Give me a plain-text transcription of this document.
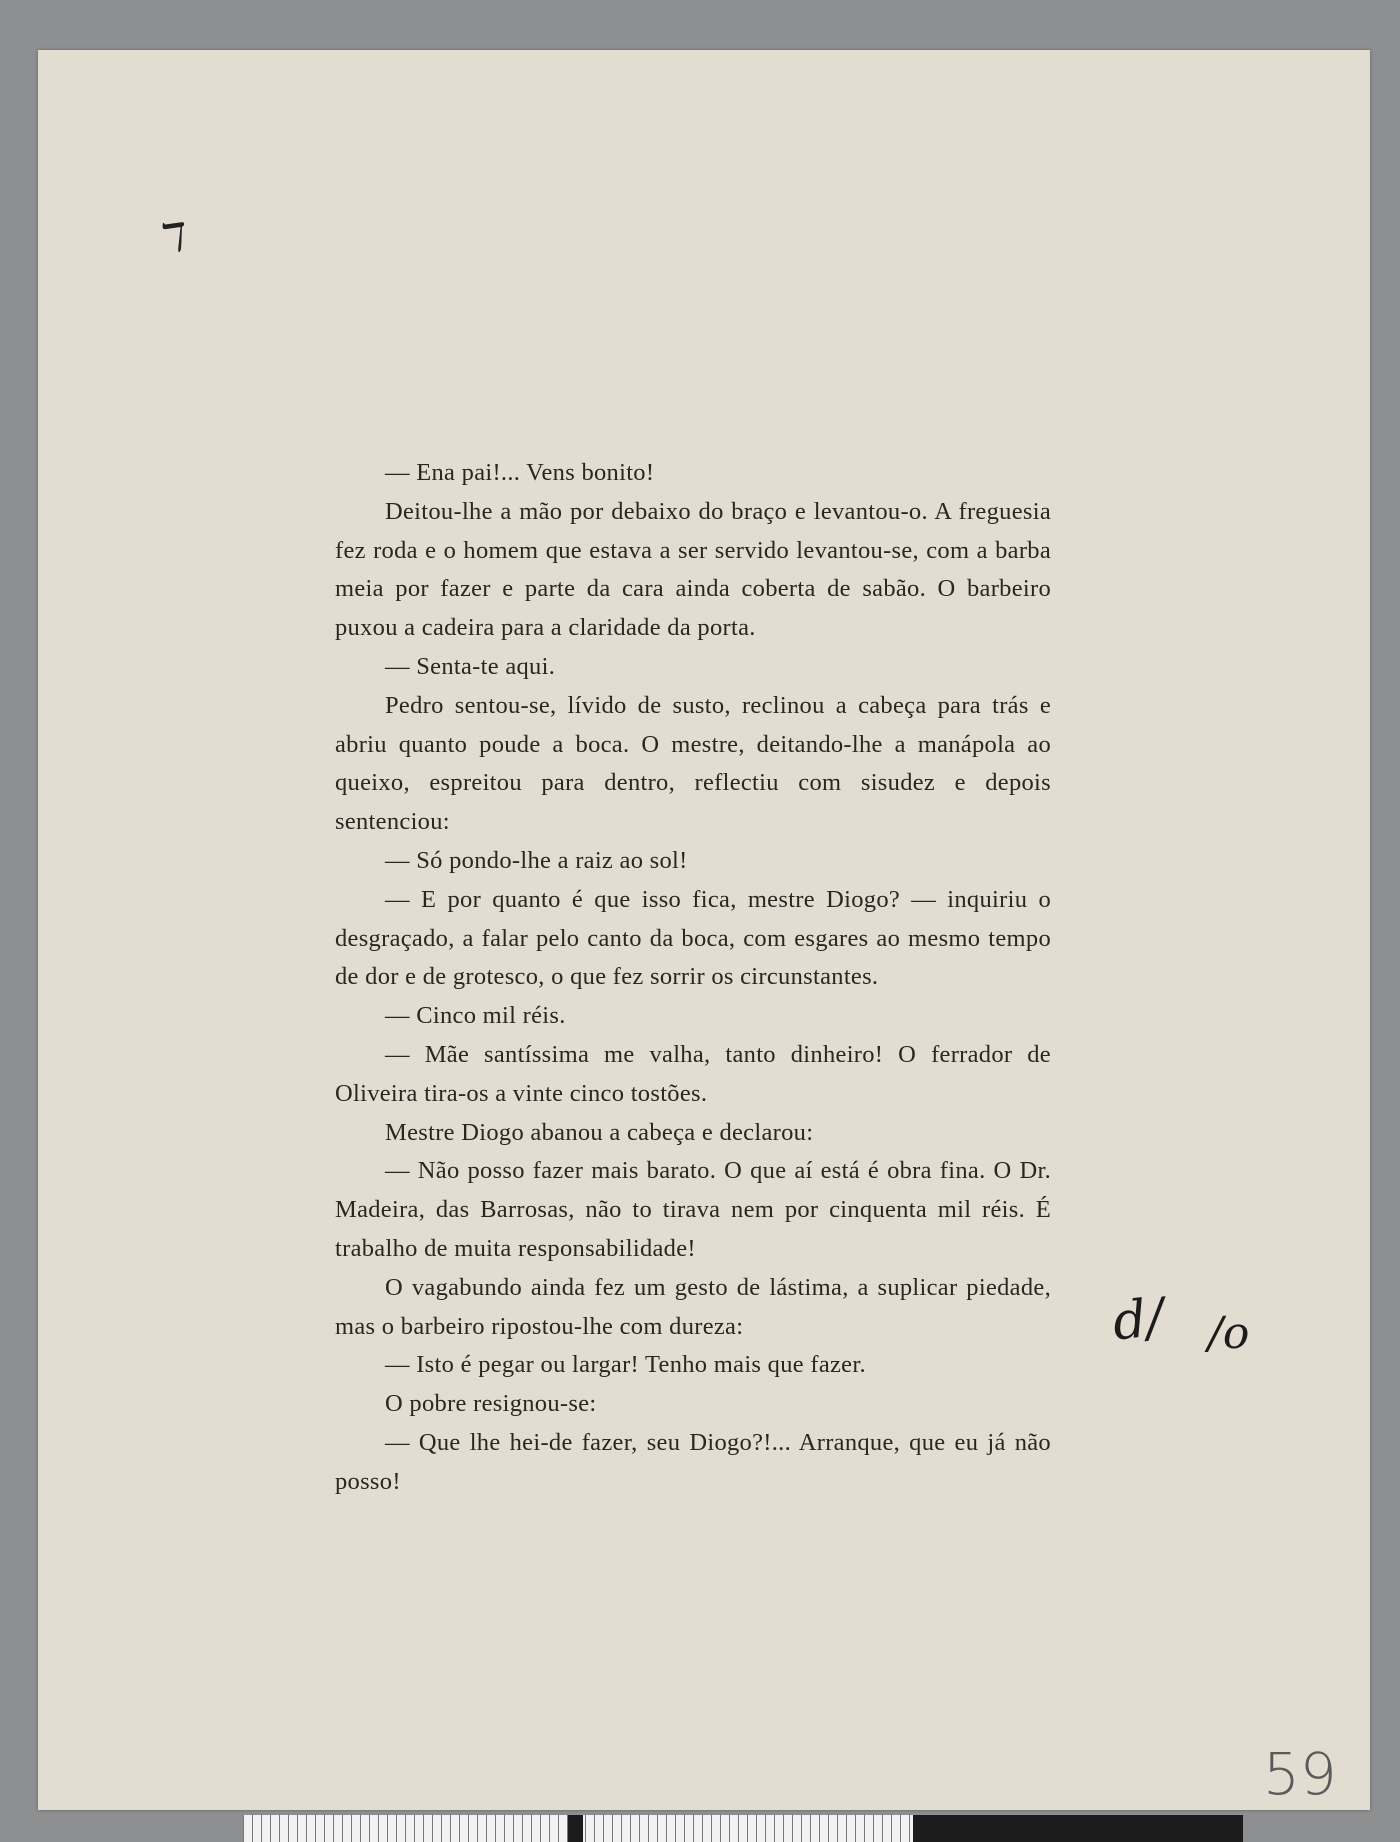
ℸ

— Ena pai!... Vens bonito!

Deitou-lhe a mão por debaixo do braço e levantou-o. A freguesia fez roda e o homem que estava a ser servido levantou-se, com a barba meia por fazer e parte da cara ainda coberta de sabão. O barbeiro puxou a cadeira para a claridade da porta.

— Senta-te aqui.

Pedro sentou-se, lívido de susto, reclinou a cabeça para trás e abriu quanto poude a boca. O mestre, deitando-lhe a manápola ao queixo, espreitou para dentro, reflectiu com sisudez e depois sentenciou:

— Só pondo-lhe a raiz ao sol!

— E por quanto é que isso fica, mestre Diogo? — inquiriu o desgraçado, a falar pelo canto da boca, com esgares ao mesmo tempo de dor e de grotesco, o que fez sorrir os circunstantes.

— Cinco mil réis.

— Mãe santíssima me valha, tanto dinheiro! O ferrador de Oliveira tira-os a vinte cinco tostões.

Mestre Diogo abanou a cabeça e declarou:

— Não posso fazer mais barato. O que aí está é obra fina. O Dr. Madeira, das Barrosas, não to tirava nem por cinquenta mil réis. É trabalho de muita responsabilidade!

O vagabundo ainda fez um gesto de lástima, a suplicar piedade, mas o barbeiro ripostou-lhe com dureza:

— Isto é pegar ou largar! Tenho mais que fazer.

O pobre resignou-se:

— Que lhe hei-de fazer, seu Diogo?!... Arranque, que eu já não posso!

d/ /o
59
